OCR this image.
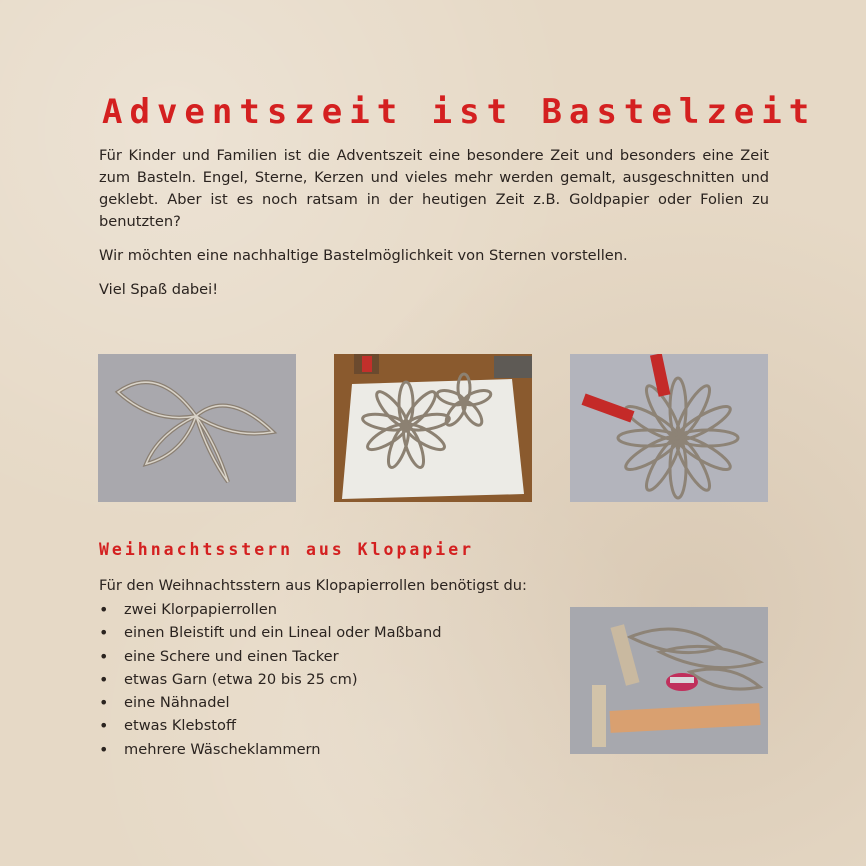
Adventszeit ist Bastelzeit

Für Kinder und Familien ist die Adventszeit eine besondere Zeit und besonders eine Zeit zum Basteln. Engel, Sterne, Kerzen und vieles mehr werden gemalt, ausgeschnitten und geklebt. Aber ist es noch ratsam in der heutigen Zeit z.B. Goldpapier oder Folien zu benutzten?

Wir möchten eine nachhaltige Bastelmöglichkeit von Sternen vorstellen.

Viel Spaß dabei!

Weihnachtsstern aus Klopapier

Für den Weihnachtsstern aus Klopapierrollen benötigst du:

• zwei Klorpapierrollen
• einen Bleistift und ein Lineal oder Maßband
• eine Schere und einen Tacker
• etwas Garn (etwa 20 bis 25 cm)
• eine Nähnadel
• etwas Klebstoff
• mehrere Wäscheklammern
